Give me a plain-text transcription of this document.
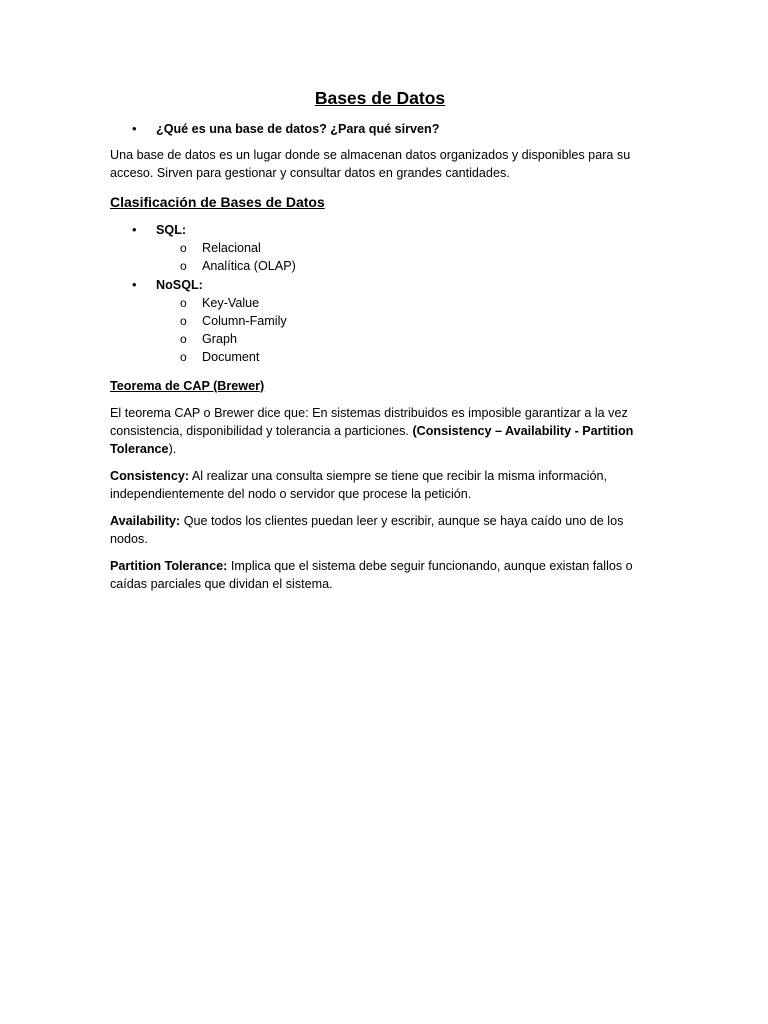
Bases de Datos
•	¿Qué es una base de datos? ¿Para qué sirven?

Una base de datos es un lugar donde se almacenan datos organizados y disponibles para su acceso. Sirven para gestionar y consultar datos en grandes cantidades.

Clasificación de Bases de Datos
•	SQL:
o	Relacional
o	Analítica (OLAP)
•	NoSQL:
o	Key-Value
o	Column-Family
o	Graph
o	Document
Teorema de CAP (Brewer)

El teorema CAP o Brewer dice que: En sistemas distribuidos es imposible garantizar a la vez consistencia, disponibilidad y tolerancia a particiones. (Consistency – Availability - Partition Tolerance).

Consistency: Al realizar una consulta siempre se tiene que recibir la misma información, independientemente del nodo o servidor que procese la petición.

Availability: Que todos los clientes puedan leer y escribir, aunque se haya caído uno de los nodos.

Partition Tolerance: Implica que el sistema debe seguir funcionando, aunque existan fallos o caídas parciales que dividan el sistema.
